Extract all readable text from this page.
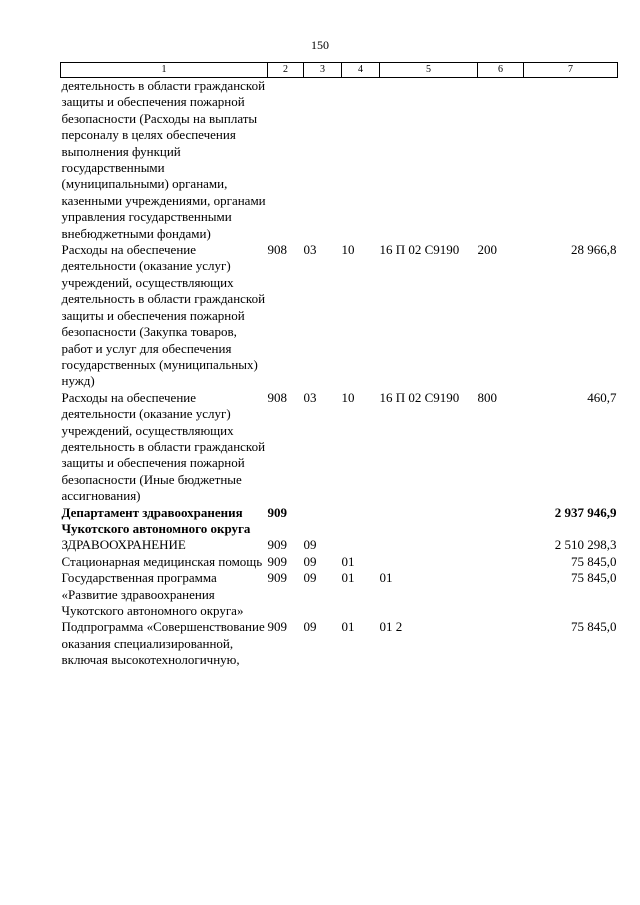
150
1	2	3	4	5	6	7
деятельность в области гражданской защиты и обеспечения пожарной безопасности (Расходы на выплаты персоналу в целях обеспечения выполнения функций государственными (муниципальными) органами, казенными учреждениями, органами управления государственными внебюджетными фондами)						
Расходы на обеспечение деятельности (оказание услуг) учреждений, осуществляющих деятельность в области гражданской защиты и обеспечения пожарной безопасности (Закупка товаров, работ и услуг для обеспечения государственных (муниципальных) нужд)	908	03	10	16 П 02 С9190	200	28 966,8
Расходы на обеспечение деятельности (оказание услуг) учреждений, осуществляющих деятельность в области гражданской защиты и обеспечения пожарной безопасности (Иные бюджетные ассигнования)	908	03	10	16 П 02 С9190	800	460,7
Департамент здравоохранения Чукотского автономного округа	909					2 937 946,9
ЗДРАВООХРАНЕНИЕ	909	09				2 510 298,3
Стационарная медицинская помощь	909	09	01			75 845,0
Государственная программа «Развитие здравоохранения Чукотского автономного округа»	909	09	01	01		75 845,0
Подпрограмма «Совершенствование оказания специализированной, включая высокотехнологичную,	909	09	01	01 2		75 845,0
